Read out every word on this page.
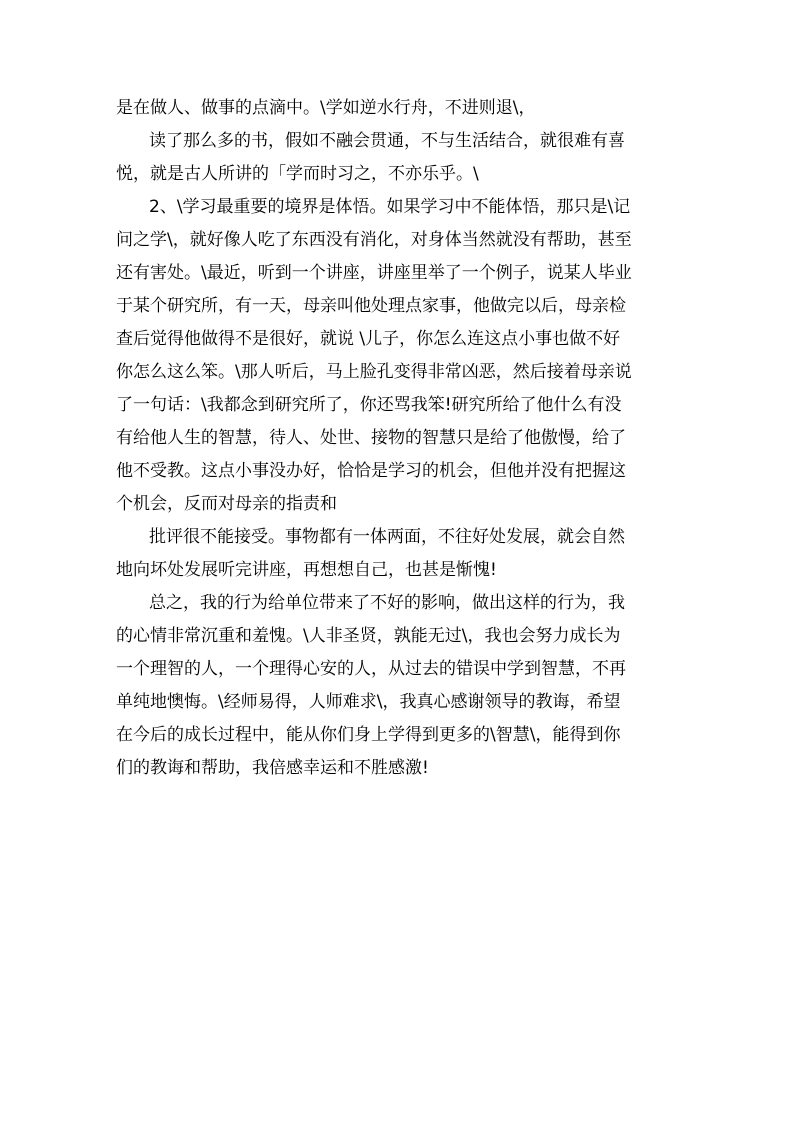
是在做人、做事的点滴中。\学如逆水行舟，不进则退\，

读了那么多的书，假如不融会贯通，不与生活结合，就很难有喜
悦，就是古人所讲的「学而时习之，不亦乐乎。\

2、\学习最重要的境界是体悟。如果学习中不能体悟，那只是\记
问之学\，就好像人吃了东西没有消化，对身体当然就没有帮助，甚至
还有害处。\最近，听到一个讲座，讲座里举了一个例子，说某人毕业
于某个研究所，有一天，母亲叫他处理点家事，他做完以后，母亲检
查后觉得他做得不是很好，就说 \儿子，你怎么连这点小事也做不好
你怎么这么笨。\那人听后，马上脸孔变得非常凶恶，然后接着母亲说
了一句话：\我都念到研究所了，你还骂我笨!研究所给了他什么有没
有给他人生的智慧，待人、处世、接物的智慧只是给了他傲慢，给了
他不受教。这点小事没办好，恰恰是学习的机会，但他并没有把握这
个机会，反而对母亲的指责和

批评很不能接受。事物都有一体两面，不往好处发展，就会自然
地向坏处发展听完讲座，再想想自己，也甚是惭愧!

总之，我的行为给单位带来了不好的影响，做出这样的行为，我
的心情非常沉重和羞愧。\人非圣贤，孰能无过\，我也会努力成长为
一个理智的人，一个理得心安的人，从过去的错误中学到智慧，不再
单纯地懊悔。\经师易得，人师难求\，我真心感谢领导的教诲，希望
在今后的成长过程中，能从你们身上学得到更多的\智慧\，能得到你
们的教诲和帮助，我倍感幸运和不胜感激!
